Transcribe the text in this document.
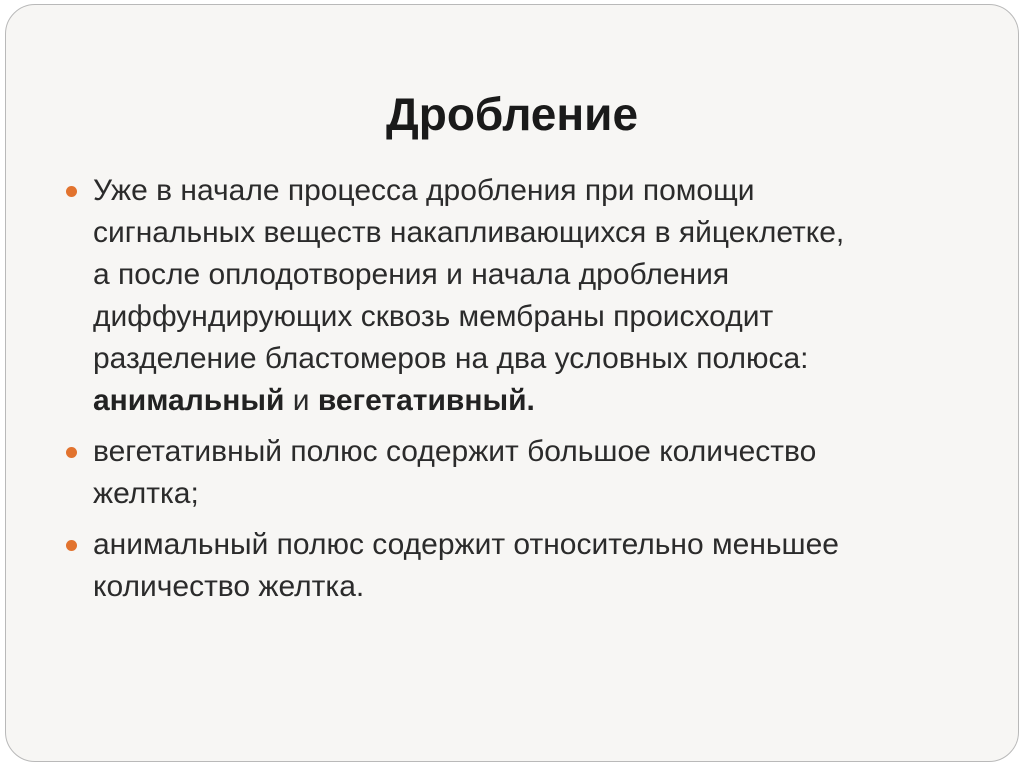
Дробление
Уже в начале процесса дробления при помощи
сигнальных веществ накапливающихся в яйцеклетке,
а после оплодотворения и начала дробления
диффундирующих сквозь мембраны происходит
разделение бластомеров на два условных полюса:
анимальный и вегетативный.
вегетативный полюс содержит большое количество
желтка;
анимальный полюс содержит относительно меньшее
количество желтка.
